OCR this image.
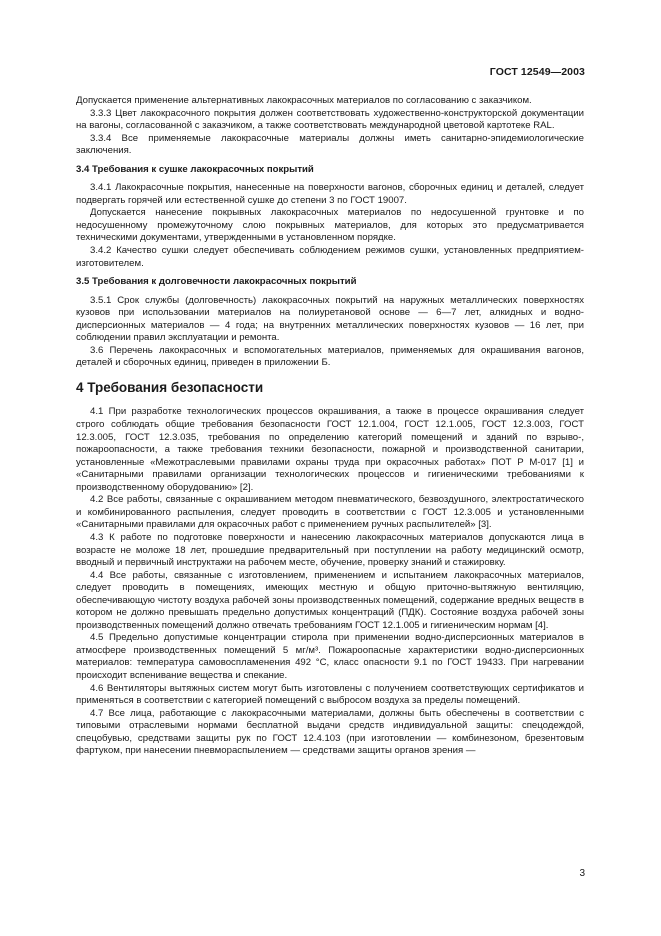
ГОСТ 12549—2003

Допускается применение альтернативных лакокрасочных материалов по согласованию с заказчиком.

3.3.3 Цвет лакокрасочного покрытия должен соответствовать художественно-конструкторской документации на вагоны, согласованной с заказчиком, а также соответствовать международной цветовой картотеке RAL.

3.3.4 Все применяемые лакокрасочные материалы должны иметь санитарно-эпидемиологические заключения.

3.4 Требования к сушке лакокрасочных покрытий

3.4.1 Лакокрасочные покрытия, нанесенные на поверхности вагонов, сборочных единиц и деталей, следует подвергать горячей или естественной сушке до степени 3 по ГОСТ 19007.

Допускается нанесение покрывных лакокрасочных материалов по недосушенной грунтовке и по недосушенному промежуточному слою покрывных материалов, для которых это предусматривается техническими документами, утвержденными в установленном порядке.

3.4.2 Качество сушки следует обеспечивать соблюдением режимов сушки, установленных предприятием-изготовителем.

3.5 Требования к долговечности лакокрасочных покрытий

3.5.1 Срок службы (долговечность) лакокрасочных покрытий на наружных металлических поверхностях кузовов при использовании материалов на полиуретановой основе — 6—7 лет, алкидных и водно-дисперсионных материалов — 4 года; на внутренних металлических поверхностях кузовов — 16 лет, при соблюдении правил эксплуатации и ремонта.

3.6 Перечень лакокрасочных и вспомогательных материалов, применяемых для окрашивания вагонов, деталей и сборочных единиц, приведен в приложении Б.

4 Требования безопасности

4.1 При разработке технологических процессов окрашивания, а также в процессе окрашивания следует строго соблюдать общие требования безопасности ГОСТ 12.1.004, ГОСТ 12.1.005, ГОСТ 12.3.003, ГОСТ 12.3.005, ГОСТ 12.3.035, требования по определению категорий помещений и зданий по взрыво-, пожароопасности, а также требования техники безопасности, пожарной и производственной санитарии, установленные «Межотраслевыми правилами охраны труда при окрасочных работах» ПОТ Р М-017 [1] и «Санитарными правилами организации технологических процессов и гигиеническими требованиями к производственному оборудованию» [2].

4.2 Все работы, связанные с окрашиванием методом пневматического, безвоздушного, электростатического и комбинированного распыления, следует проводить в соответствии с ГОСТ 12.3.005 и установленными «Санитарными правилами для окрасочных работ с применением ручных распылителей» [3].

4.3 К работе по подготовке поверхности и нанесению лакокрасочных материалов допускаются лица в возрасте не моложе 18 лет, прошедшие предварительный при поступлении на работу медицинский осмотр, вводный и первичный инструктажи на рабочем месте, обучение, проверку знаний и стажировку.

4.4 Все работы, связанные с изготовлением, применением и испытанием лакокрасочных материалов, следует проводить в помещениях, имеющих местную и общую приточно-вытяжную вентиляцию, обеспечивающую чистоту воздуха рабочей зоны производственных помещений, содержание вредных веществ в котором не должно превышать предельно допустимых концентраций (ПДК). Состояние воздуха рабочей зоны производственных помещений должно отвечать требованиям ГОСТ 12.1.005 и гигиеническим нормам [4].

4.5 Предельно допустимые концентрации стирола при применении водно-дисперсионных материалов в атмосфере производственных помещений 5 мг/м³. Пожароопасные характеристики водно-дисперсионных материалов: температура самовоспламенения 492 °С, класс опасности 9.1 по ГОСТ 19433. При нагревании происходит вспенивание вещества и спекание.

4.6 Вентиляторы вытяжных систем могут быть изготовлены с получением соответствующих сертификатов и применяться в соответствии с категорией помещений с выбросом воздуха за пределы помещений.

4.7 Все лица, работающие с лакокрасочными материалами, должны быть обеспечены в соответствии с типовыми отраслевыми нормами бесплатной выдачи средств индивидуальной защиты: спецодеждой, спецобувью, средствами защиты рук по ГОСТ 12.4.103 (при изготовлении — комбинезоном, брезентовым фартуком, при нанесении пневмораспылением — средствами защиты органов зрения —

3
